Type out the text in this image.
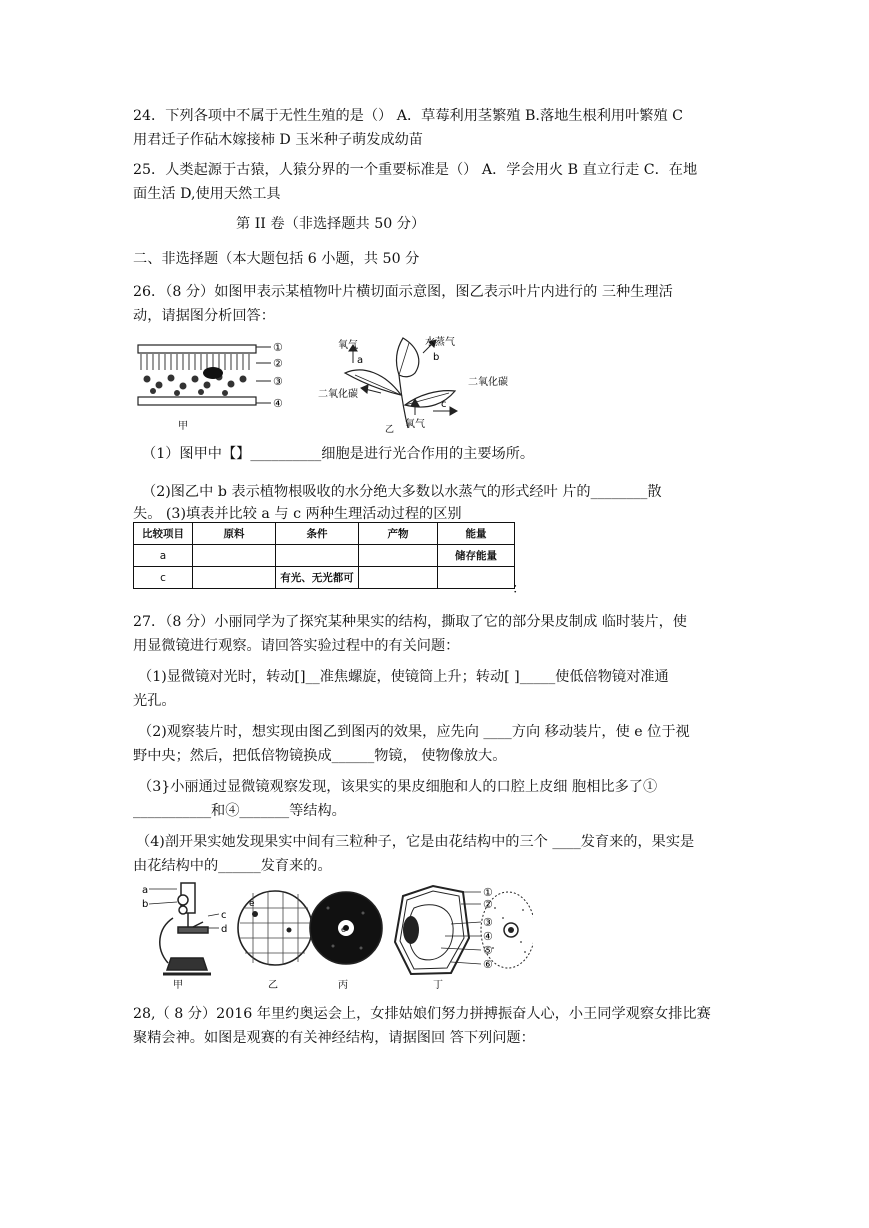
24．下列各项中不属于无性生殖的是（） A．草莓利用茎繁殖 B.落地生根利用叶繁殖 C

用君迁子作砧木嫁接柿 D 玉米种子萌发成幼苗

25．人类起源于古猿，人猿分界的一个重要标准是（） A．学会用火 B 直立行走 C．在地

面生活 D,使用天然工具

第 II 卷（非选择题共 50 分）

二、非选择题（本大题包括 6 小题，共 50 分

26．（8 分）如图甲表示某植物叶片横切面示意图，图乙表示叶片内进行的 三种生理活

动，请据图分析回答：

①
②
③
④
甲
氧气
a
水蒸气
b
二氧化碳
二氧化碳
c
氧气
乙

（1）图甲中【】__________细胞是进行光合作用的主要场所。

（2)图乙中 b 表示植物根吸收的水分绝大多数以水蒸气的形式经叶 片的________散

失。 (3)填表并比较 a 与 c 两种生理活动过程的区别

比较项目	原料	条件	产物	能量
a				储存能量
c		有光、无光都可		
：

27．（8 分）小丽同学为了探究某种果实的结构，撕取了它的部分果皮制成 临时装片，使

用显微镜进行观察。请回答实验过程中的有关问题：

（1)显微镜对光时，转动[]__准焦螺旋，使镜筒上升；转动[ ]_____使低倍物镜对准通

光孔。

（2)观察装片时，想实现由图乙到图丙的效果，应先向 ____方向 移动装片，使 e 位于视

野中央；然后，把低倍物镜换成______物镜， 使物像放大。

（3}小丽通过显微镜观察发现，该果实的果皮细胞和人的口腔上皮细 胞相比多了①

___________和④_______等结构。

（4)剖开果实她发现果实中间有三粒种子，它是由花结构中的三个 ____发育来的，果实是

由花结构中的______发育来的。

a
b
c
d
甲
e
乙
e
丙
①
②
③
④
⑤
⑥
丁

28,（ 8 分）2016 年里约奥运会上，女排姑娘们努力拼搏振奋人心，小王同学观察女排比赛

聚精会神。如图是观赛的有关神经结构，请据图回 答下列问题：
